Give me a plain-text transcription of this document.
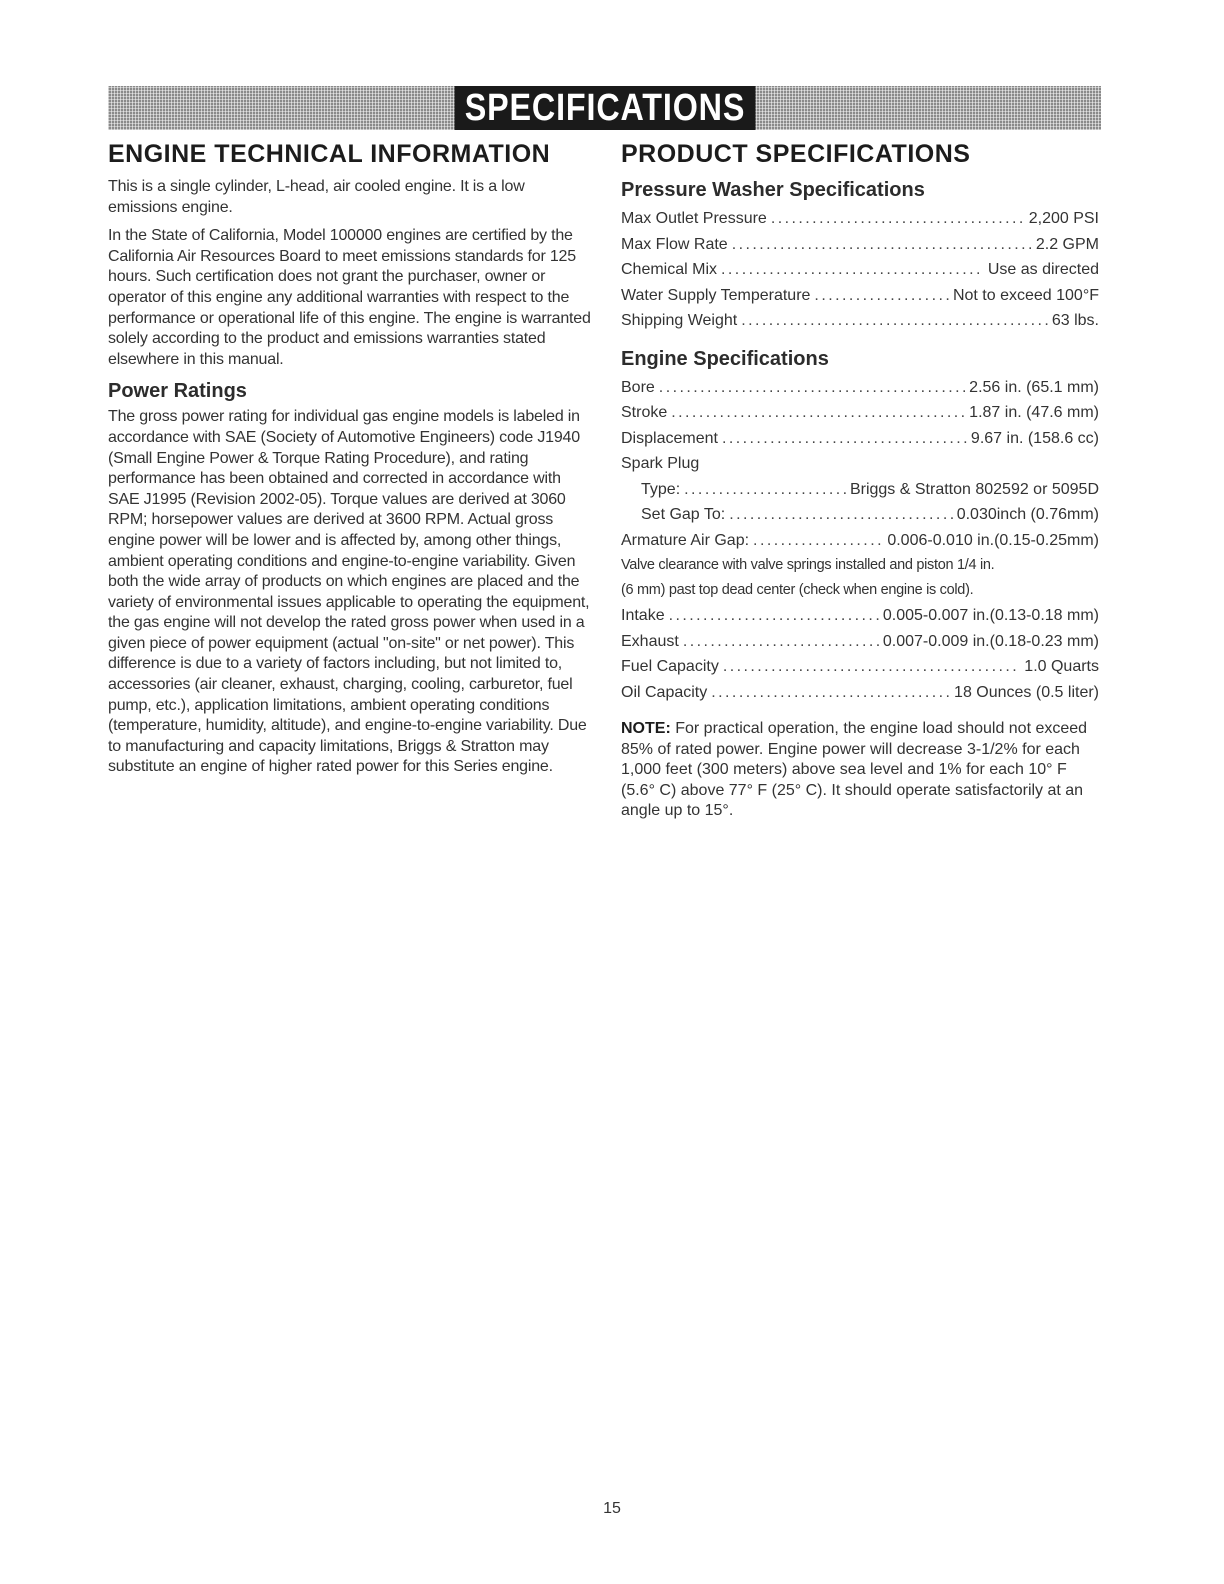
SPECIFICATIONS
ENGINE TECHNICAL INFORMATION

This is a single cylinder, L-head, air cooled engine. It is a low emissions engine.

In the State of California, Model 100000 engines are certified by the California Air Resources Board to meet emissions standards for 125 hours. Such certification does not grant the purchaser, owner or operator of this engine any additional warranties with respect to the performance or operational life of this engine. The engine is warranted solely according to the product and emissions warranties stated elsewhere in this manual.

Power Ratings

The gross power rating for individual gas engine models is labeled in accordance with SAE (Society of Automotive Engineers) code J1940 (Small Engine Power & Torque Rating Procedure), and rating performance has been obtained and corrected in accordance with SAE J1995 (Revision 2002-05). Torque values are derived at 3060 RPM; horsepower values are derived at 3600 RPM. Actual gross engine power will be lower and is affected by, among other things, ambient operating conditions and engine-to-engine variability. Given both the wide array of products on which engines are placed and the variety of environmental issues applicable to operating the equipment, the gas engine will not develop the rated gross power when used in a given piece of power equipment (actual "on-site" or net power). This difference is due to a variety of factors including, but not limited to, accessories (air cleaner, exhaust, charging, cooling, carburetor, fuel pump, etc.), application limitations, ambient operating conditions (temperature, humidity, altitude), and engine-to-engine variability. Due to manufacturing and capacity limitations, Briggs & Stratton may substitute an engine of higher rated power for this Series engine.

PRODUCT SPECIFICATIONS
Pressure Washer Specifications
Max Outlet Pressure . . .	2,200 PSI
Max Flow Rate . . .	2.2 GPM
Chemical Mix . . .	Use as directed
Water Supply Temperature . . .	Not to exceed 100°F
Shipping Weight . . .	63 lbs.
Engine Specifications
Bore . . .	2.56 in. (65.1 mm)
Stroke . . .	1.87 in. (47.6 mm)
Displacement . . .	9.67 in. (158.6 cc)
Spark Plug
Type: . . .	Briggs & Stratton 802592 or 5095D
Set Gap To: . . .	0.030inch (0.76mm)
Armature Air Gap: . . .	0.006-0.010 in.(0.15-0.25mm)
Valve clearance with valve springs installed and piston 1/4 in.
(6 mm) past top dead center (check when engine is cold).
Intake . . .	0.005-0.007 in.(0.13-0.18 mm)
Exhaust . . .	0.007-0.009 in.(0.18-0.23 mm)
Fuel Capacity . . .	1.0 Quarts
Oil Capacity . . .	18 Ounces (0.5 liter)
NOTE: For practical operation, the engine load should not exceed 85% of rated power. Engine power will decrease 3-1/2% for each 1,000 feet (300 meters) above sea level and 1% for each 10° F (5.6° C) above 77° F (25° C). It should operate satisfactorily at an angle up to 15°.
15
